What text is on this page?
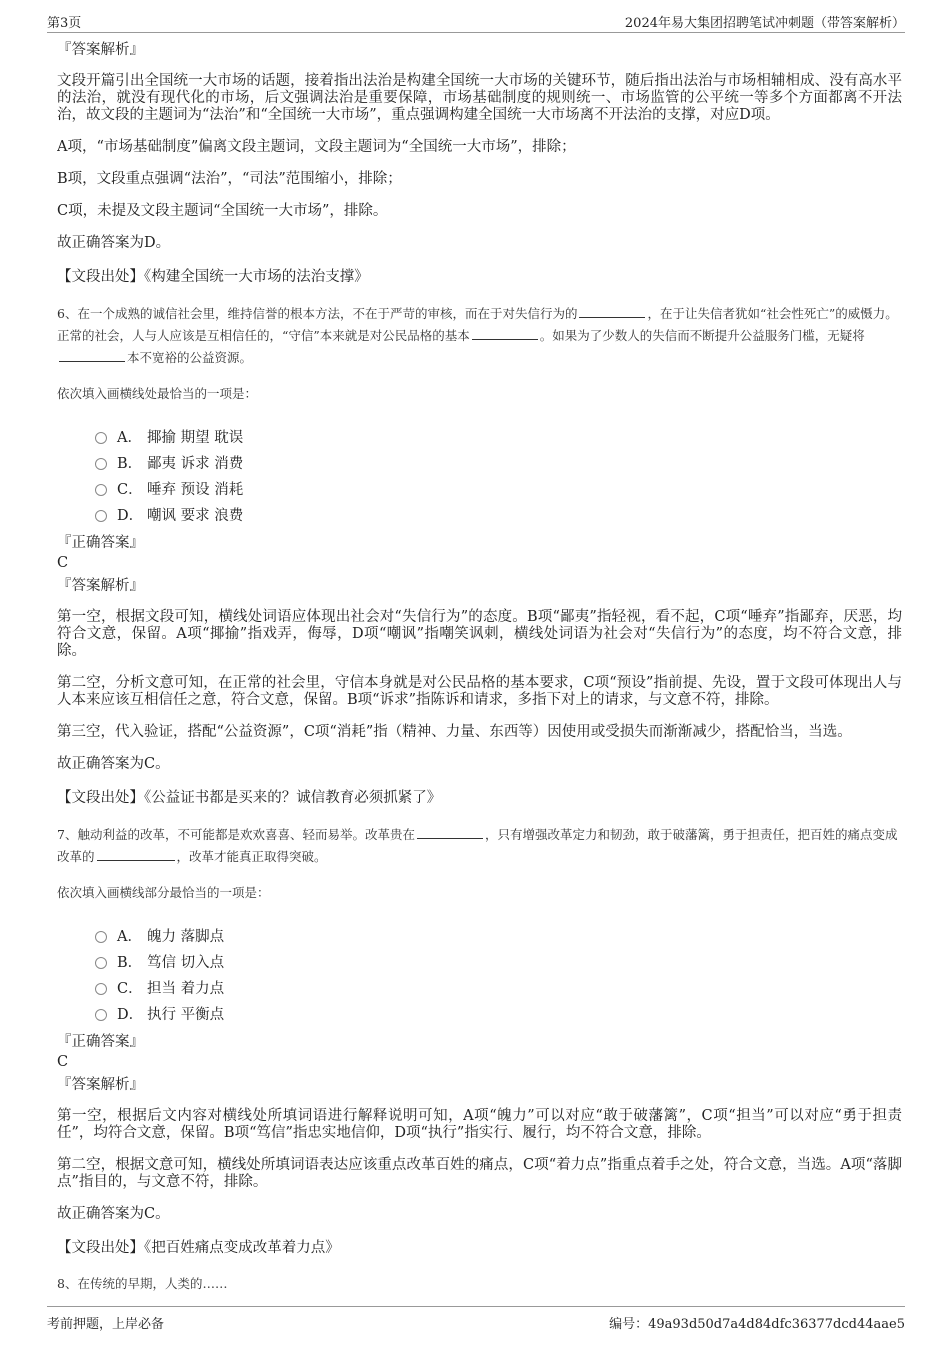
第3页	2024年易大集团招聘笔试冲刺题（带答案解析）

『答案解析』

文段开篇引出全国统一大市场的话题，接着指出法治是构建全国统一大市场的关键环节，随后指出法治与市场相辅相成、没有高水平的法治，就没有现代化的市场，后文强调法治是重要保障，市场基础制度的规则统一、市场监管的公平统一等多个方面都离不开法治，故文段的主题词为“法治”和“全国统一大市场”，重点强调构建全国统一大市场离不开法治的支撑，对应D项。

A项，“市场基础制度”偏离文段主题词，文段主题词为“全国统一大市场”，排除；

B项，文段重点强调“法治”，“司法”范围缩小，排除；

C项，未提及文段主题词“全国统一大市场”，排除。

故正确答案为D。

【文段出处】《构建全国统一大市场的法治支撑》

6、在一个成熟的诚信社会里，维持信誉的根本方法，不在于严苛的审核，而在于对失信行为的	，在于让失信者犹如“社会性死亡”的威慑力。正常的社会，人与人应该是互相信任的，“守信”本来就是对公民品格的基本	。如果为了少数人的失信而不断提升公益服务门槛，无疑将本不宽裕的公益资源。

依次填入画横线处最恰当的一项是：

A． 揶揄 期望 耽误
B． 鄙夷 诉求 消费
C． 唾弃 预设 消耗
D． 嘲讽 要求 浪费

『正确答案』

C

『答案解析』

第一空，根据文段可知，横线处词语应体现出社会对“失信行为”的态度。B项“鄙夷”指轻视，看不起，C项“唾弃”指鄙弃，厌恶，均符合文意，保留。A项“揶揄”指戏弄，侮辱，D项“嘲讽”指嘲笑讽刺，横线处词语为社会对“失信行为”的态度，均不符合文意，排除。

第二空，分析文意可知，在正常的社会里，守信本身就是对公民品格的基本要求，C项“预设”指前提、先设，置于文段可体现出人与人本来应该互相信任之意，符合文意，保留。B项“诉求”指陈诉和请求，多指下对上的请求，与文意不符，排除。

第三空，代入验证，搭配“公益资源”，C项“消耗”指（精神、力量、东西等）因使用或受损失而渐渐减少，搭配恰当，当选。

故正确答案为C。

【文段出处】《公益证书都是买来的？诚信教育必须抓紧了》

7、触动利益的改革，不可能都是欢欢喜喜、轻而易举。改革贵在	，只有增强改革定力和韧劲，敢于破藩篱，勇于担责任，把百姓的痛点变成改革的	，改革才能真正取得突破。

依次填入画横线部分最恰当的一项是：

A． 魄力 落脚点
B． 笃信 切入点
C． 担当 着力点
D． 执行 平衡点

『正确答案』

C

『答案解析』

第一空，根据后文内容对横线处所填词语进行解释说明可知，A项“魄力”可以对应“敢于破藩篱”，C项“担当”可以对应“勇于担责任”，均符合文意，保留。B项“笃信”指忠实地信仰，D项“执行”指实行、履行，均不符合文意，排除。

第二空，根据文意可知，横线处所填词语表达应该重点改革百姓的痛点，C项“着力点”指重点着手之处，符合文意，当选。A项“落脚点”指目的，与文意不符，排除。

故正确答案为C。

【文段出处】《把百姓痛点变成改革着力点》

8、在传统的早期，人类的……

考前押题，上岸必备	编号：49a93d50d7a4d84dfc36377dcd44aae5
